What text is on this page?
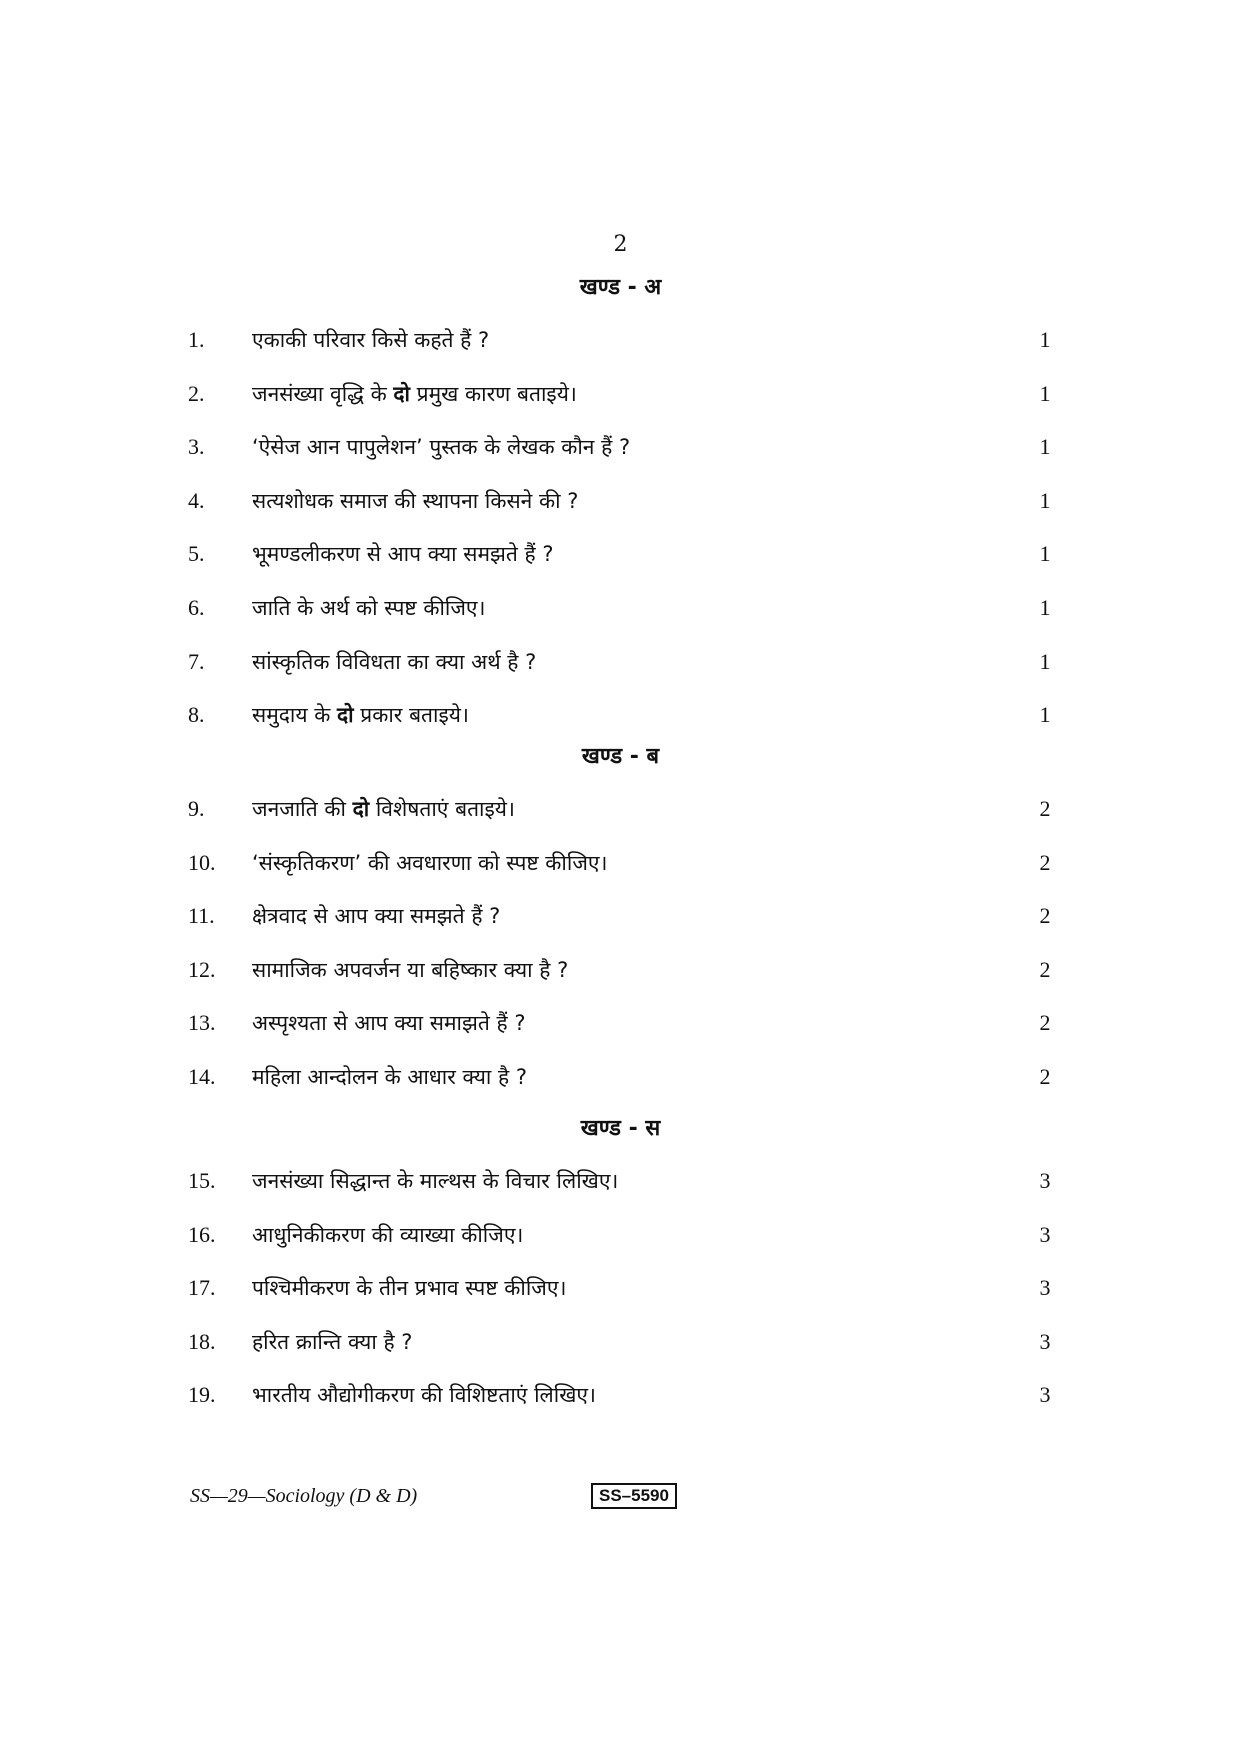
2
खण्ड - अ
1. एकाकी परिवार किसे कहते हैं ?	1
2. जनसंख्या वृद्धि के दो प्रमुख कारण बताइये।	1
3. ‘ऐसेज आन पापुलेशन’ पुस्तक के लेखक कौन हैं ?	1
4. सत्यशोधक समाज की स्थापना किसने की ?	1
5. भूमण्डलीकरण से आप क्या समझते हैं ?	1
6. जाति के अर्थ को स्पष्ट कीजिए।	1
7. सांस्कृतिक विविधता का क्या अर्थ है ?	1
8. समुदाय के दो प्रकार बताइये।	1
खण्ड - ब
9. जनजाति की दो विशेषताएं बताइये।	2
10. ‘संस्कृतिकरण’ की अवधारणा को स्पष्ट कीजिए।	2
11. क्षेत्रवाद से आप क्या समझते हैं ?	2
12. सामाजिक अपवर्जन या बहिष्कार क्या है ?	2
13. अस्पृश्यता से आप क्या समाझते हैं ?	2
14. महिला आन्दोलन के आधार क्या है ?	2
खण्ड - स
15. जनसंख्या सिद्धान्त के माल्थस के विचार लिखिए।	3
16. आधुनिकीकरण की व्याख्या कीजिए।	3
17. पश्चिमीकरण के तीन प्रभाव स्पष्ट कीजिए।	3
18. हरित क्रान्ति क्या है ?	3
19. भारतीय औद्योगीकरण की विशिष्टताएं लिखिए।	3
SS—29—Sociology (D & D)	SS–5590
